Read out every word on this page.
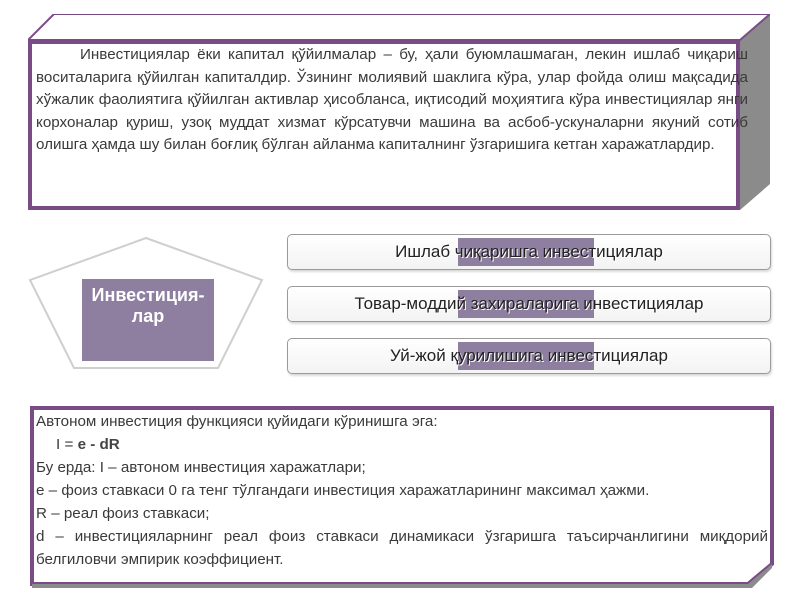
Инвестициялар ёки капитал қўйилмалар – бу, ҳали буюмлашмаган, лекин ишлаб чиқариш воситаларига қўйилган капиталдир. Ўзининг молиявий шаклига кўра, улар фойда олиш мақсадида хўжалик фаолиятига қўйилган активлар ҳисобланса, иқтисодий моҳиятига кўра инвестициялар янги корхоналар қуриш, узоқ муддат хизмат кўрсатувчи машина ва асбоб-ускуналарни якуний сотиб олишга ҳамда шу билан боғлиқ бўлган айланма капиталнинг ўзгаришига кетган харажатлардир.
Инвестиция-лар
Ишлаб чиқаришга инвестициялар
Товар-моддий захираларига инвестициялар
Уй-жой қурилишига инвестициялар
Автоном инвестиция функцияси қуйидаги кўринишга эга:
I = e - dR
Бу ерда: I – автоном инвестиция харажатлари;
е – фоиз ставкаси 0 га тенг тўлгандаги инвестиция харажатларининг максимал ҳажми.
R – реал фоиз ставкаси;
d – инвестицияларнинг реал фоиз ставкаси динамикаси ўзгаришга таъсирчанлигини миқдорий белгиловчи эмпирик коэффициент.
